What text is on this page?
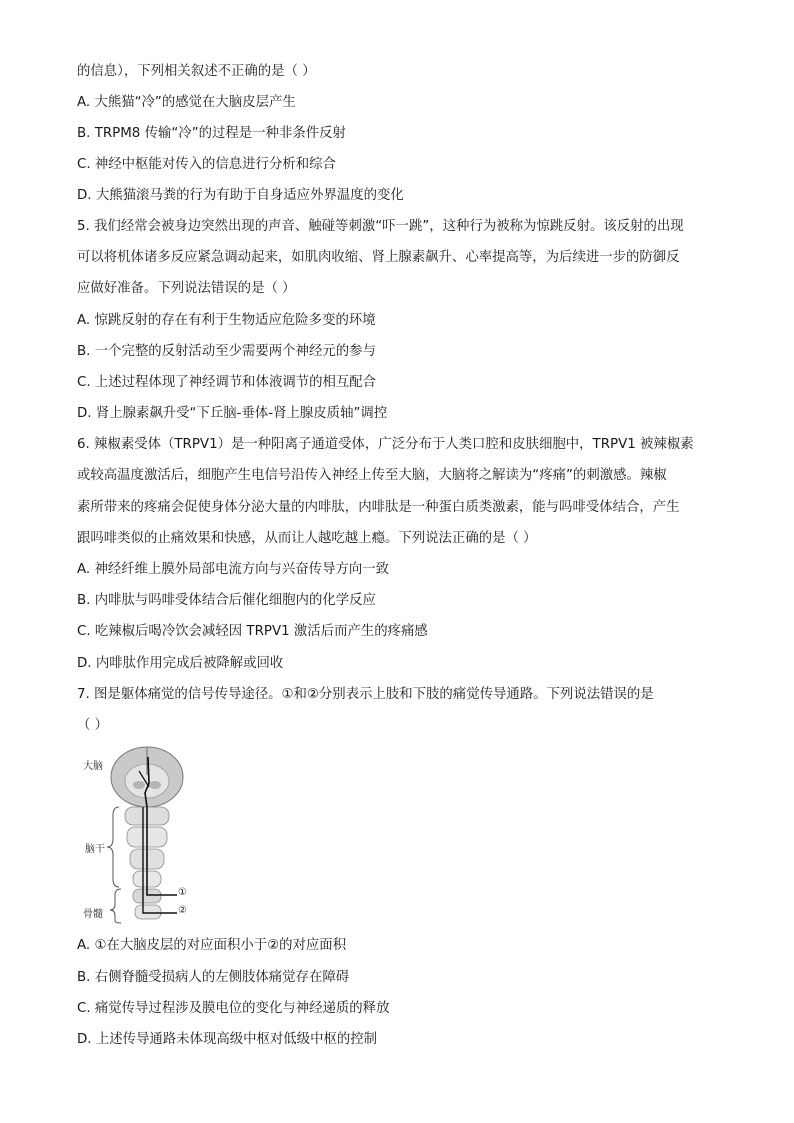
的信息），下列相关叙述不正确的是（ ）
A. 大熊猫“冷”的感觉在大脑皮层产生
B. TRPM8 传输“冷”的过程是一种非条件反射
C. 神经中枢能对传入的信息进行分析和综合
D. 大熊猫滚马粪的行为有助于自身适应外界温度的变化
5. 我们经常会被身边突然出现的声音、触碰等刺激“吓一跳”，这种行为被称为惊跳反射。该反射的出现
可以将机体诸多反应紧急调动起来，如肌肉收缩、肾上腺素飙升、心率提高等，为后续进一步的防御反
应做好准备。下列说法错误的是（ ）
A. 惊跳反射的存在有利于生物适应危险多变的环境
B. 一个完整的反射活动至少需要两个神经元的参与
C. 上述过程体现了神经调节和体液调节的相互配合
D. 肾上腺素飙升受“下丘脑-垂体-肾上腺皮质轴”调控
6. 辣椒素受体（TRPV1）是一种阳离子通道受体，广泛分布于人类口腔和皮肤细胞中，TRPV1 被辣椒素
或较高温度激活后，细胞产生电信号沿传入神经上传至大脑，大脑将之解读为“疼痛”的刺激感。辣椒
素所带来的疼痛会促使身体分泌大量的内啡肽，内啡肽是一种蛋白质类激素，能与吗啡受体结合，产生
跟吗啡类似的止痛效果和快感，从而让人越吃越上瘾。下列说法正确的是（ ）
A. 神经纤维上膜外局部电流方向与兴奋传导方向一致
B. 内啡肽与吗啡受体结合后催化细胞内的化学反应
C. 吃辣椒后喝冷饮会减轻因 TRPV1 激活后而产生的疼痛感
D. 内啡肽作用完成后被降解或回收
7. 图是躯体痛觉的信号传导途径。①和②分别表示上肢和下肢的痛觉传导通路。下列说法错误的是
（ ）
大脑
脑干
骨髓
①
②
A. ①在大脑皮层的对应面积小于②的对应面积
B. 右侧脊髓受损病人的左侧肢体痛觉存在障碍
C. 痛觉传导过程涉及膜电位的变化与神经递质的释放
D. 上述传导通路未体现高级中枢对低级中枢的控制
